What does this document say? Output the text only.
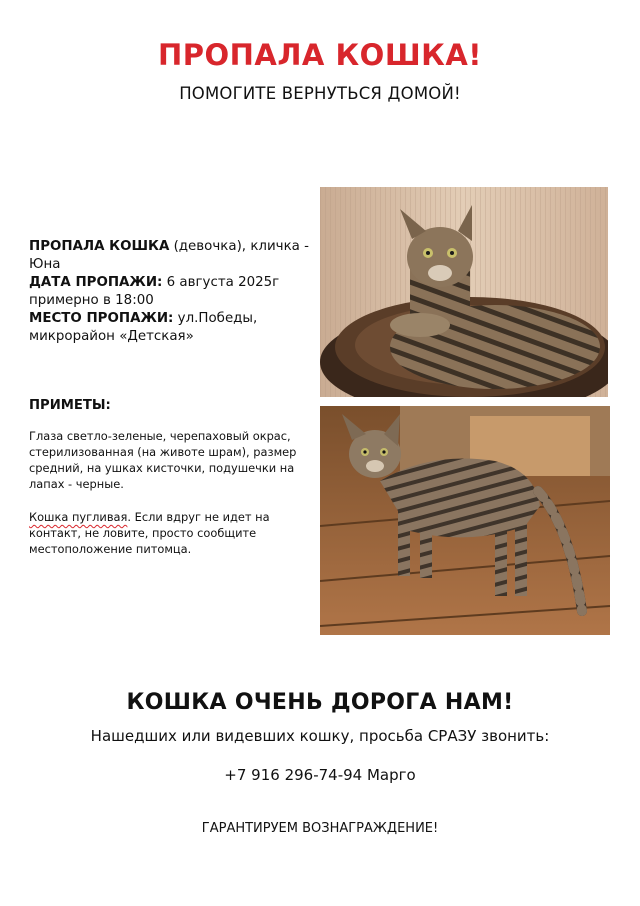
ПРОПАЛА КОШКА!

ПОМОГИТЕ ВЕРНУТЬСЯ ДОМОЙ!

ПРОПАЛА КОШКА (девочка), кличка - Юна

ДАТА ПРОПАЖИ: 6 августа 2025г примерно в 18:00

МЕСТО ПРОПАЖИ: ул.Победы, микрорайон «Детская»

ПРИМЕТЫ:

Глаза светло-зеленые, черепаховый окрас, стерилизованная (на животе шрам), размер средний, на ушках кисточки, подушечки на лапах - черные.

Кошка пугливая. Если вдруг не идет на контакт, не ловите, просто сообщите местоположение питомца.

КОШКА ОЧЕНЬ ДОРОГА НАМ!

Нашедших или видевших кошку, просьба СРАЗУ звонить:

+7 916 296-74-94 Марго

ГАРАНТИРУЕМ ВОЗНАГРАЖДЕНИЕ!
